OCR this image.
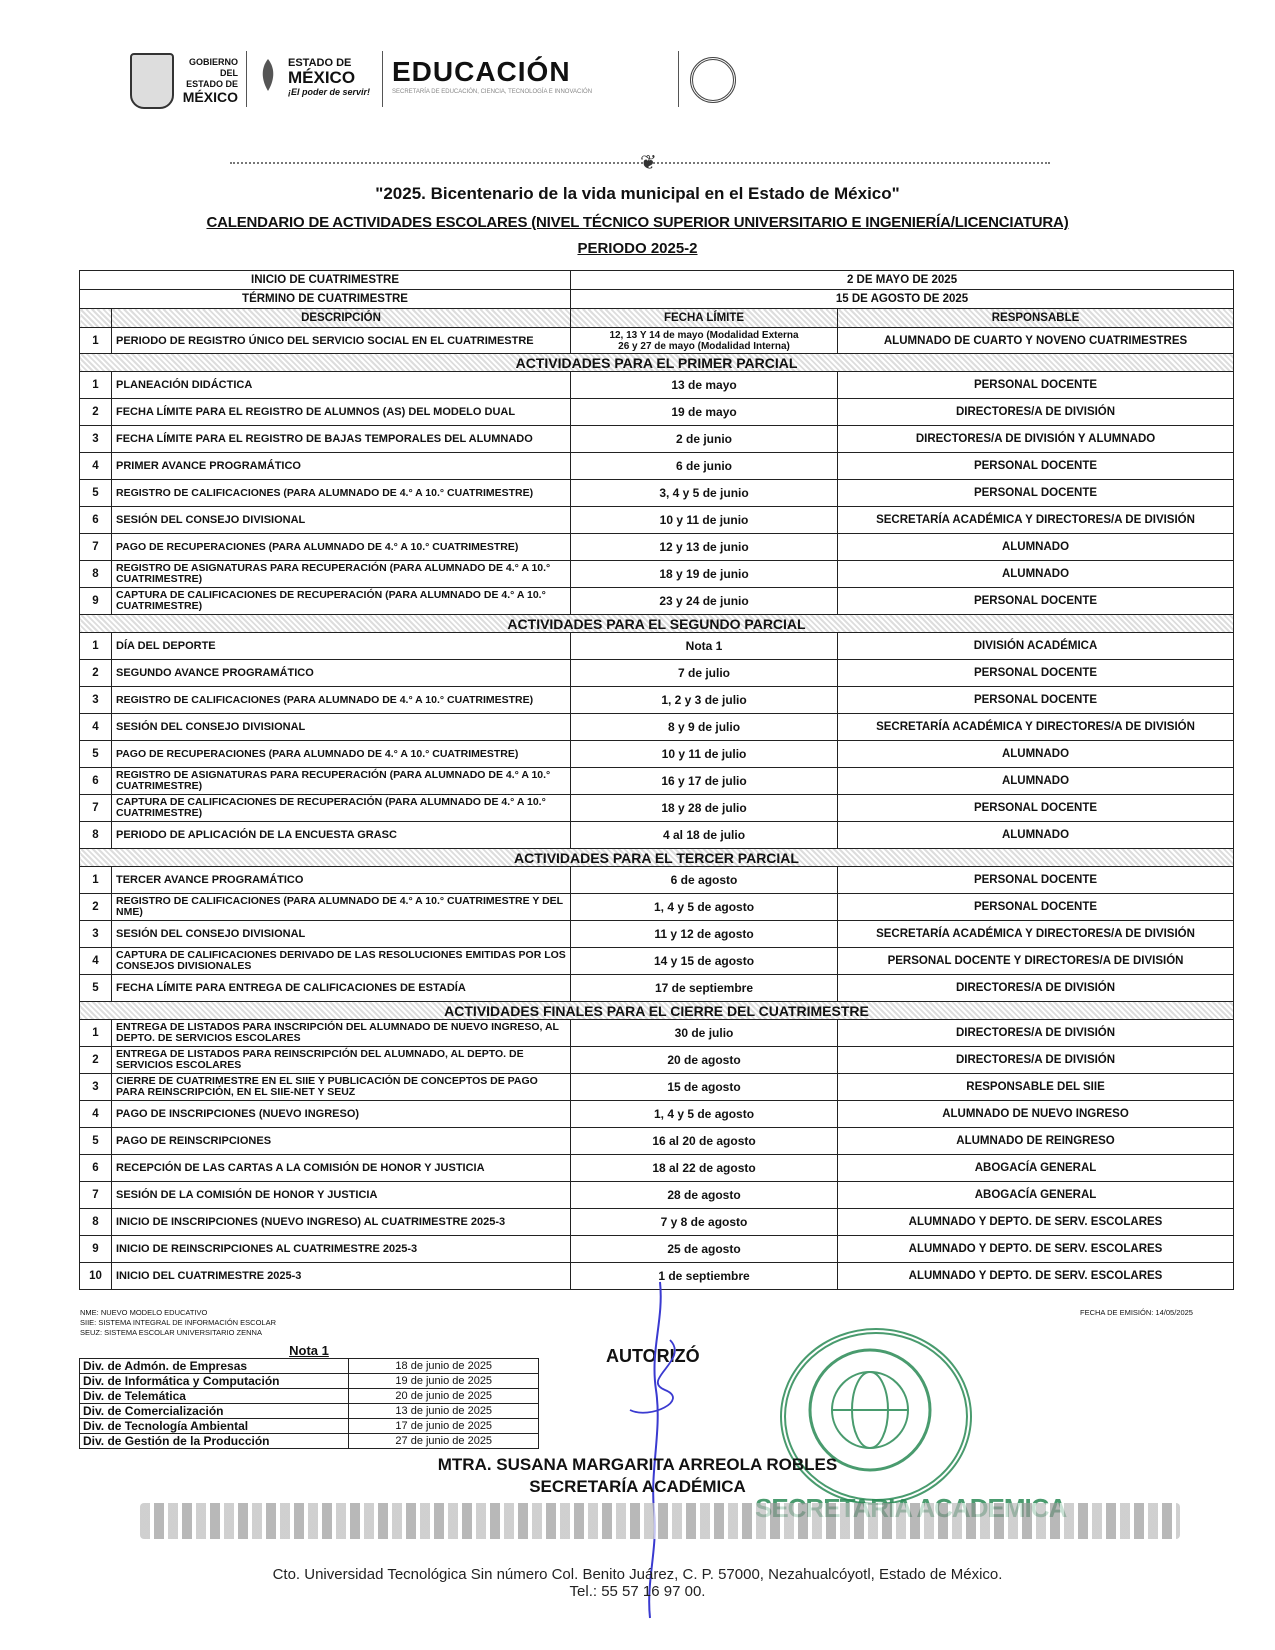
GOBIERNO DEL
ESTADO DE
MÉXICO
ESTADO DE
MÉXICO
¡El poder de servir!
EDUCACIÓN
SECRETARÍA DE EDUCACIÓN, CIENCIA, TECNOLOGÍA E INNOVACIÓN
❦
"2025. Bicentenario de la vida municipal en el Estado de México"
CALENDARIO DE ACTIVIDADES ESCOLARES (NIVEL TÉCNICO SUPERIOR UNIVERSITARIO E INGENIERÍA/LICENCIATURA)
PERIODO 2025-2
INICIO DE CUATRIMESTRE		2 DE MAYO DE 2025	
TÉRMINO DE CUATRIMESTRE		15 DE AGOSTO DE 2025	
	DESCRIPCIÓN	FECHA LÍMITE	RESPONSABLE
1	PERIODO DE REGISTRO ÚNICO DEL SERVICIO SOCIAL EN EL CUATRIMESTRE	12, 13 Y 14 de mayo (Modalidad Externa
26 y 27 de mayo (Modalidad Interna)	ALUMNADO DE CUARTO Y NOVENO CUATRIMESTRES
ACTIVIDADES PARA EL PRIMER PARCIAL			
1	PLANEACIÓN DIDÁCTICA	13 de mayo	PERSONAL DOCENTE
2	FECHA LÍMITE PARA EL REGISTRO DE ALUMNOS (AS) DEL MODELO DUAL	19 de mayo	DIRECTORES/A DE DIVISIÓN
3	FECHA LÍMITE PARA EL REGISTRO DE BAJAS TEMPORALES DEL ALUMNADO	2 de junio	DIRECTORES/A DE DIVISIÓN Y ALUMNADO
4	PRIMER AVANCE PROGRAMÁTICO	6 de junio	PERSONAL DOCENTE
5	REGISTRO DE CALIFICACIONES (PARA ALUMNADO DE 4.° A 10.° CUATRIMESTRE)	3, 4 y 5 de junio	PERSONAL DOCENTE
6	SESIÓN DEL CONSEJO DIVISIONAL	10 y 11 de junio	SECRETARÍA ACADÉMICA Y DIRECTORES/A DE DIVISIÓN
7	PAGO DE RECUPERACIONES (PARA ALUMNADO DE 4.° A 10.° CUATRIMESTRE)	12 y 13 de junio	ALUMNADO
8	REGISTRO DE ASIGNATURAS PARA RECUPERACIÓN (PARA ALUMNADO DE 4.° A 10.° CUATRIMESTRE)	18 y 19 de junio	ALUMNADO
9	CAPTURA DE CALIFICACIONES DE RECUPERACIÓN (PARA ALUMNADO DE 4.° A 10.° CUATRIMESTRE)	23 y 24 de junio	PERSONAL DOCENTE
ACTIVIDADES PARA EL SEGUNDO PARCIAL			
1	DÍA DEL DEPORTE	Nota 1	DIVISIÓN ACADÉMICA
2	SEGUNDO AVANCE PROGRAMÁTICO	7 de julio	PERSONAL DOCENTE
3	REGISTRO DE CALIFICACIONES (PARA ALUMNADO DE 4.° A 10.° CUATRIMESTRE)	1, 2 y 3 de julio	PERSONAL DOCENTE
4	SESIÓN DEL CONSEJO DIVISIONAL	8 y 9 de julio	SECRETARÍA ACADÉMICA Y DIRECTORES/A DE DIVISIÓN
5	PAGO DE RECUPERACIONES (PARA ALUMNADO DE 4.° A 10.° CUATRIMESTRE)	10 y 11 de julio	ALUMNADO
6	REGISTRO DE ASIGNATURAS PARA RECUPERACIÓN (PARA ALUMNADO DE 4.° A 10.° CUATRIMESTRE)	16 y 17 de julio	ALUMNADO
7	CAPTURA DE CALIFICACIONES DE RECUPERACIÓN (PARA ALUMNADO DE 4.° A 10.° CUATRIMESTRE)	18 y 28 de julio	PERSONAL DOCENTE
8	PERIODO DE APLICACIÓN DE LA ENCUESTA GRASC	4 al 18 de julio	ALUMNADO
ACTIVIDADES PARA EL TERCER PARCIAL			
1	TERCER AVANCE PROGRAMÁTICO	6 de agosto	PERSONAL DOCENTE
2	REGISTRO DE CALIFICACIONES (PARA ALUMNADO DE 4.° A 10.° CUATRIMESTRE Y DEL NME)	1, 4 y 5 de agosto	PERSONAL DOCENTE
3	SESIÓN DEL CONSEJO DIVISIONAL	11 y 12 de agosto	SECRETARÍA ACADÉMICA Y DIRECTORES/A DE DIVISIÓN
4	CAPTURA DE CALIFICACIONES DERIVADO DE LAS RESOLUCIONES EMITIDAS POR LOS CONSEJOS DIVISIONALES	14 y 15 de agosto	PERSONAL DOCENTE Y DIRECTORES/A DE DIVISIÓN
5	FECHA LÍMITE PARA ENTREGA DE CALIFICACIONES DE ESTADÍA	17 de septiembre	DIRECTORES/A DE DIVISIÓN
ACTIVIDADES FINALES PARA EL CIERRE DEL CUATRIMESTRE			
1	ENTREGA DE LISTADOS PARA INSCRIPCIÓN DEL ALUMNADO DE NUEVO INGRESO, AL DEPTO. DE SERVICIOS ESCOLARES	30 de julio	DIRECTORES/A DE DIVISIÓN
2	ENTREGA DE LISTADOS PARA REINSCRIPCIÓN DEL ALUMNADO, AL DEPTO. DE SERVICIOS ESCOLARES	20 de agosto	DIRECTORES/A DE DIVISIÓN
3	CIERRE DE CUATRIMESTRE EN EL SIIE Y PUBLICACIÓN DE CONCEPTOS DE PAGO PARA REINSCRIPCIÓN, EN EL SIIE-NET Y SEUZ	15 de agosto	RESPONSABLE DEL SIIE
4	PAGO DE INSCRIPCIONES (NUEVO INGRESO)	1, 4 y 5 de agosto	ALUMNADO DE NUEVO INGRESO
5	PAGO DE REINSCRIPCIONES	16 al 20 de agosto	ALUMNADO DE REINGRESO
6	RECEPCIÓN DE LAS CARTAS A LA COMISIÓN DE HONOR Y JUSTICIA	18 al 22 de agosto	ABOGACÍA GENERAL
7	SESIÓN DE LA COMISIÓN DE HONOR Y JUSTICIA	28 de agosto	ABOGACÍA GENERAL
8	INICIO DE INSCRIPCIONES (NUEVO INGRESO) AL CUATRIMESTRE 2025-3	7 y 8 de agosto	ALUMNADO Y DEPTO. DE SERV. ESCOLARES
9	INICIO DE REINSCRIPCIONES AL CUATRIMESTRE 2025-3	25 de agosto	ALUMNADO Y DEPTO. DE SERV. ESCOLARES
10	INICIO DEL CUATRIMESTRE 2025-3	1 de septiembre	ALUMNADO Y DEPTO. DE SERV. ESCOLARES
NME: NUEVO MODELO EDUCATIVO
SIIE: SISTEMA INTEGRAL DE INFORMACIÓN ESCOLAR
SEUZ: SISTEMA ESCOLAR UNIVERSITARIO ZENNA
FECHA DE EMISIÓN: 14/05/2025
Nota 1	
Div. de Admón. de Empresas	18 de junio de 2025
Div. de Informática y Computación	19 de junio de 2025
Div. de Telemática	20 de junio de 2025
Div. de Comercialización	13 de junio de 2025
Div. de Tecnología Ambiental	17 de junio de 2025
Div. de Gestión de la Producción	27 de junio de 2025
AUTORIZÓ
MTRA. SUSANA MARGARITA ARREOLA ROBLES
SECRETARÍA ACADÉMICA
Cto. Universidad Tecnológica Sin número Col. Benito Juárez, C. P. 57000, Nezahualcóyotl, Estado de México.
Tel.: 55 57 16 97 00.
